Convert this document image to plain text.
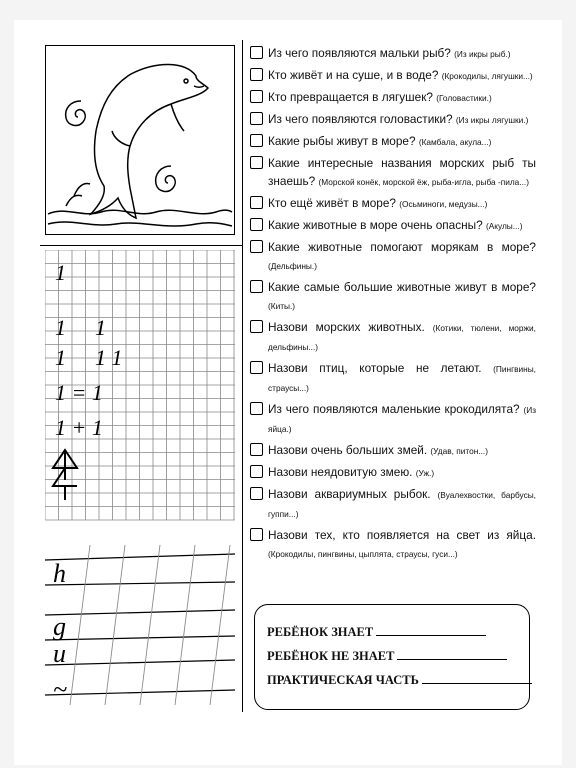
1
1 1
1 1 1
1 = 1
1 + 1
h
g
u
~
Из чего появляются мальки рыб? (Из икры рыб.)
Кто живёт и на суше, и в воде? (Крокодилы, лягушки...)
Кто превращается в лягушек? (Головастики.)
Из чего появляются головастики? (Из икры лягушки.)
Какие рыбы живут в море? (Камбала, акула...)
Какие интересные названия морских рыб ты знаешь? (Морской конёк, морской ёж, рыба-игла, рыба -пила...)
Кто ещё живёт в море? (Осьминоги, медузы...)
Какие животные в море очень опасны? (Акулы...)
Какие животные помогают морякам в море? (Дельфины.)
Какие самые большие животные живут в море? (Киты.)
Назови морских животных. (Котики, тюлени, моржи, дельфины...)
Назови птиц, которые не летают. (Пингвины, страусы...)
Из чего появляются маленькие крокодилята? (Из яйца.)
Назови очень больших змей. (Удав, питон...)
Назови неядовитую змею. (Уж.)
Назови аквариумных рыбок. (Вуалехвостки, барбусы, гуппи...)
Назови тех, кто появляется на свет из яйца. (Крокодилы, пингвины, цыплята, страусы, гуси...)
РЕБЁНОК ЗНАЕТ
РЕБЁНОК НЕ ЗНАЕТ
ПРАКТИЧЕСКАЯ ЧАСТЬ
